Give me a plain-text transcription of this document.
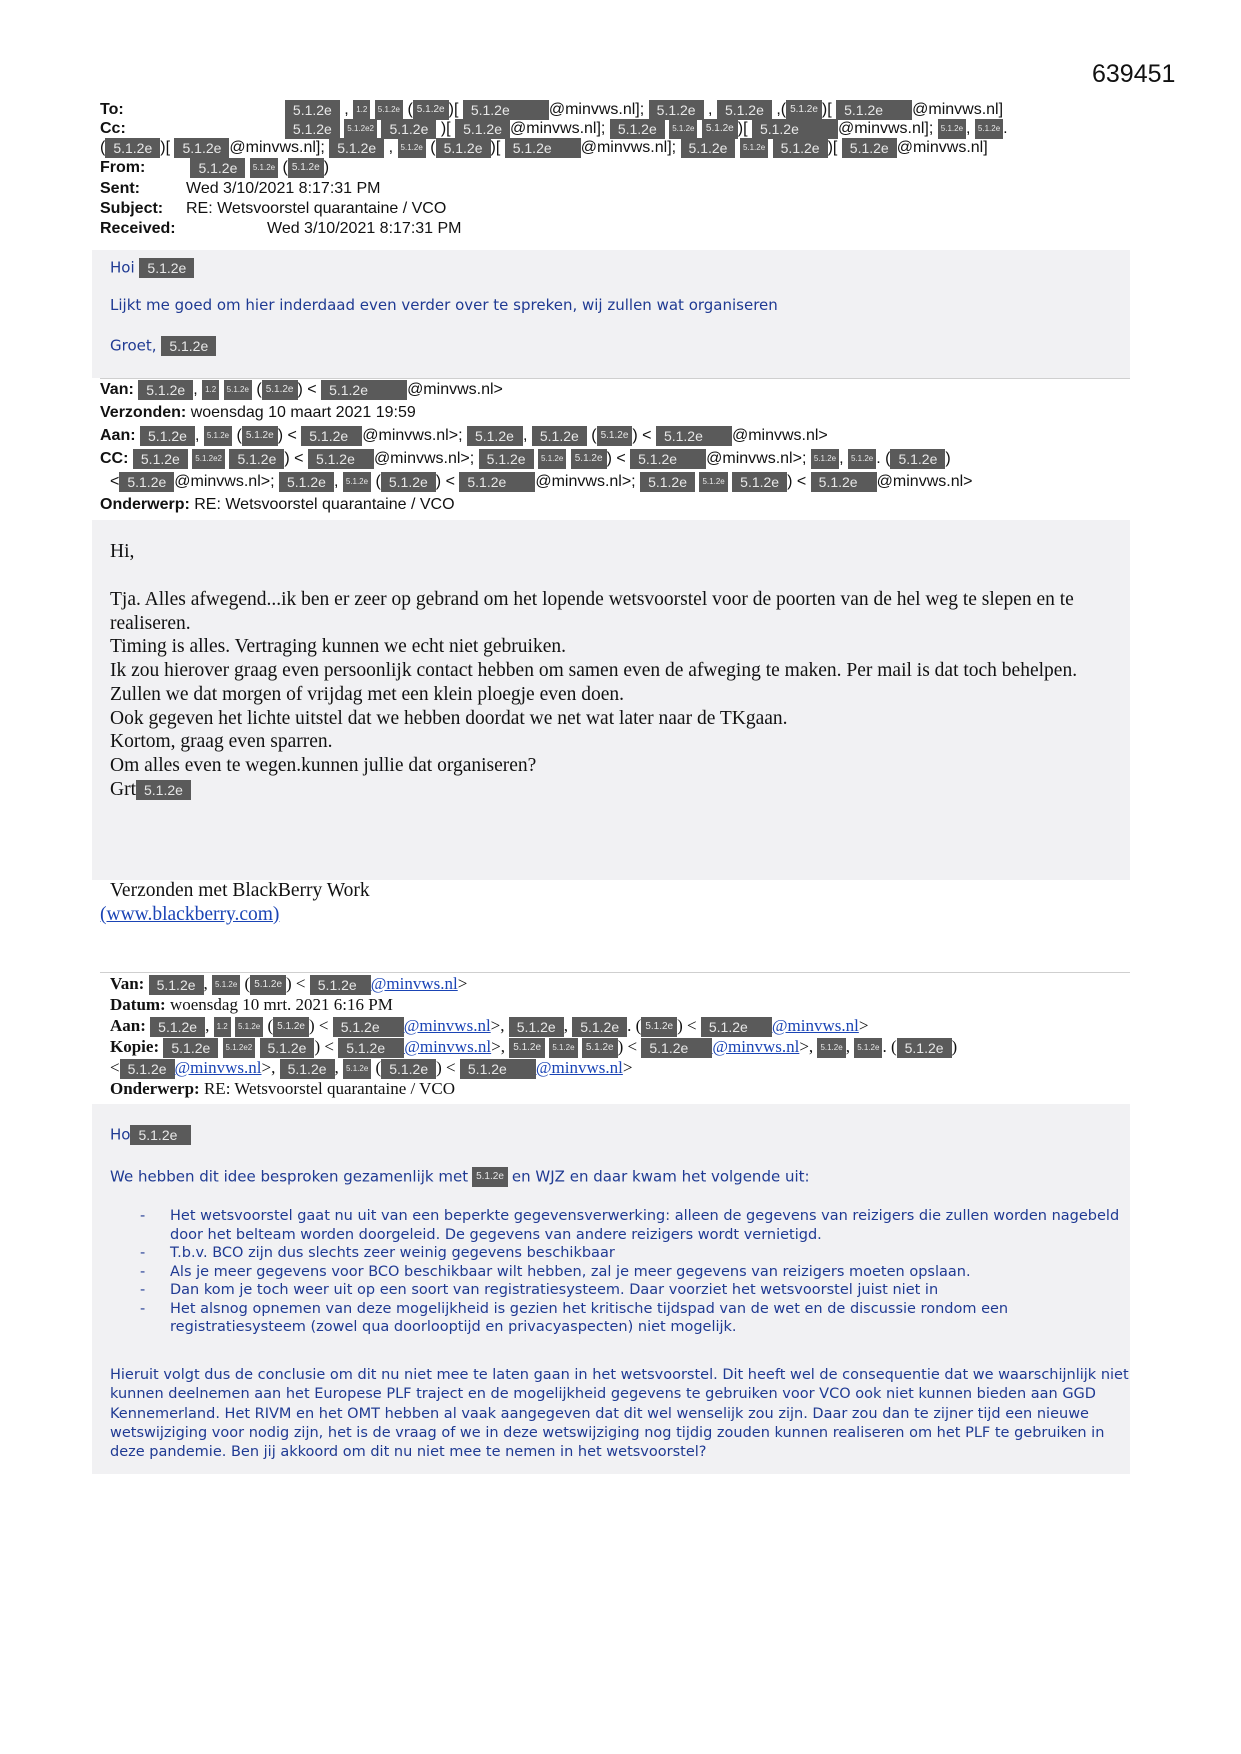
639451
To:	5.1.2e , 1.2 5.1.2e ( 5.1.2e )[ 5.1.2e @minvws.nl]; 5.1.2e , 5.1.2e ,( 5.1.2e )[ 5.1.2e @minvws.nl]
Cc:	5.1.2e 5.1.2e2 5.1.2e )[ 5.1.2e @minvws.nl]; 5.1.2e 5.1.2e 5.1.2e )[ 5.1.2e @minvws.nl]; 5.1.2e , 5.1.2e .
( 5.1.2e )[ 5.1.2e @minvws.nl]; 5.1.2e , 5.1.2e ( 5.1.2e )[ 5.1.2e @minvws.nl]; 5.1.2e 5.1.2e 5.1.2e )[ 5.1.2e @minvws.nl]
From:	5.1.2e 5.1.2e ( 5.1.2e )
Sent:	Wed 3/10/2021 8:17:31 PM
Subject: RE: Wetsvoorstel quarantaine / VCO
Received:	Wed 3/10/2021 8:17:31 PM
Hoi 5.1.2e
Lijkt me goed om hier inderdaad even verder over te spreken, wij zullen wat organiseren
Groet, 5.1.2e
Van: 5.1.2e , 1.2 5.1.2e ( 5.1.2e ) < 5.1.2e @minvws.nl>
Verzonden: woensdag 10 maart 2021 19:59
Aan: 5.1.2e , 5.1.2e ( 5.1.2e ) < 5.1.2e @minvws.nl>; 5.1.2e , 5.1.2e ( 5.1.2e ) < 5.1.2e @minvws.nl>
CC: 5.1.2e 5.1.2e2 5.1.2e ) < 5.1.2e @minvws.nl>; 5.1.2e 5.1.2e 5.1.2e ) < 5.1.2e @minvws.nl>; 5.1.2e , 5.1.2e . ( 5.1.2e )
< 5.1.2e @minvws.nl>; 5.1.2e , 5.1.2e ( 5.1.2e ) < 5.1.2e @minvws.nl>; 5.1.2e 5.1.2e 5.1.2e ) < 5.1.2e @minvws.nl>
Onderwerp: RE: Wetsvoorstel quarantaine / VCO
Hi,

Tja. Alles afwegend...ik ben er zeer op gebrand om het lopende wetsvoorstel voor de poorten van de hel weg te slepen en te realiseren.

Timing is alles. Vertraging kunnen we echt niet gebruiken.

Ik zou hierover graag even persoonlijk contact hebben om samen even de afweging te maken. Per mail is dat toch behelpen.

Zullen we dat morgen of vrijdag met een klein ploegje even doen.

Ook gegeven het lichte uitstel dat we hebben doordat we net wat later naar de TKgaan.

Kortom, graag even sparren.

Om alles even te wegen.kunnen jullie dat organiseren?

Grt 5.1.2e

Verzonden met BlackBerry Work
(www.blackberry.com)
Van: 5.1.2e , 5.1.2e ( 5.1.2e ) < 5.1.2e @minvws.nl>
Datum: woensdag 10 mrt. 2021 6:16 PM
Aan: 5.1.2e , 1.2 5.1.2e ( 5.1.2e ) < 5.1.2e @minvws.nl>, 5.1.2e , 5.1.2e . ( 5.1.2e ) < 5.1.2e @minvws.nl>
Kopie: 5.1.2e 5.1.2e2 5.1.2e ) < 5.1.2e @minvws.nl>, 5.1.2e 5.1.2e 5.1.2e ) < 5.1.2e @minvws.nl>, 5.1.2e , 5.1.2e . ( 5.1.2e )
< 5.1.2e @minvws.nl>, 5.1.2e , 5.1.2e ( 5.1.2e ) < 5.1.2e @minvws.nl>
Onderwerp: RE: Wetsvoorstel quarantaine / VCO
Ho 5.1.2e
We hebben dit idee besproken gezamenlijk met 5.1.2e en WJZ en daar kwam het volgende uit:
- Het wetsvoorstel gaat nu uit van een beperkte gegevensverwerking: alleen de gegevens van reizigers die zullen worden nagebeld door het belteam worden doorgeleid. De gegevens van andere reizigers wordt vernietigd.
- T.b.v. BCO zijn dus slechts zeer weinig gegevens beschikbaar
- Als je meer gegevens voor BCO beschikbaar wilt hebben, zal je meer gegevens van reizigers moeten opslaan.
- Dan kom je toch weer uit op een soort van registratiesysteem. Daar voorziet het wetsvoorstel juist niet in
- Het alsnog opnemen van deze mogelijkheid is gezien het kritische tijdspad van de wet en de discussie rondom een registratiesysteem (zowel qua doorlooptijd en privacyaspecten) niet mogelijk.
Hieruit volgt dus de conclusie om dit nu niet mee te laten gaan in het wetsvoorstel. Dit heeft wel de consequentie dat we waarschijnlijk niet kunnen deelnemen aan het Europese PLF traject en de mogelijkheid gegevens te gebruiken voor VCO ook niet kunnen bieden aan GGD Kennemerland. Het RIVM en het OMT hebben al vaak aangegeven dat dit wel wenselijk zou zijn. Daar zou dan te zijner tijd een nieuwe wetswijziging voor nodig zijn, het is de vraag of we in deze wetswijziging nog tijdig zouden kunnen realiseren om het PLF te gebruiken in deze pandemie. Ben jij akkoord om dit nu niet mee te nemen in het wetsvoorstel?
